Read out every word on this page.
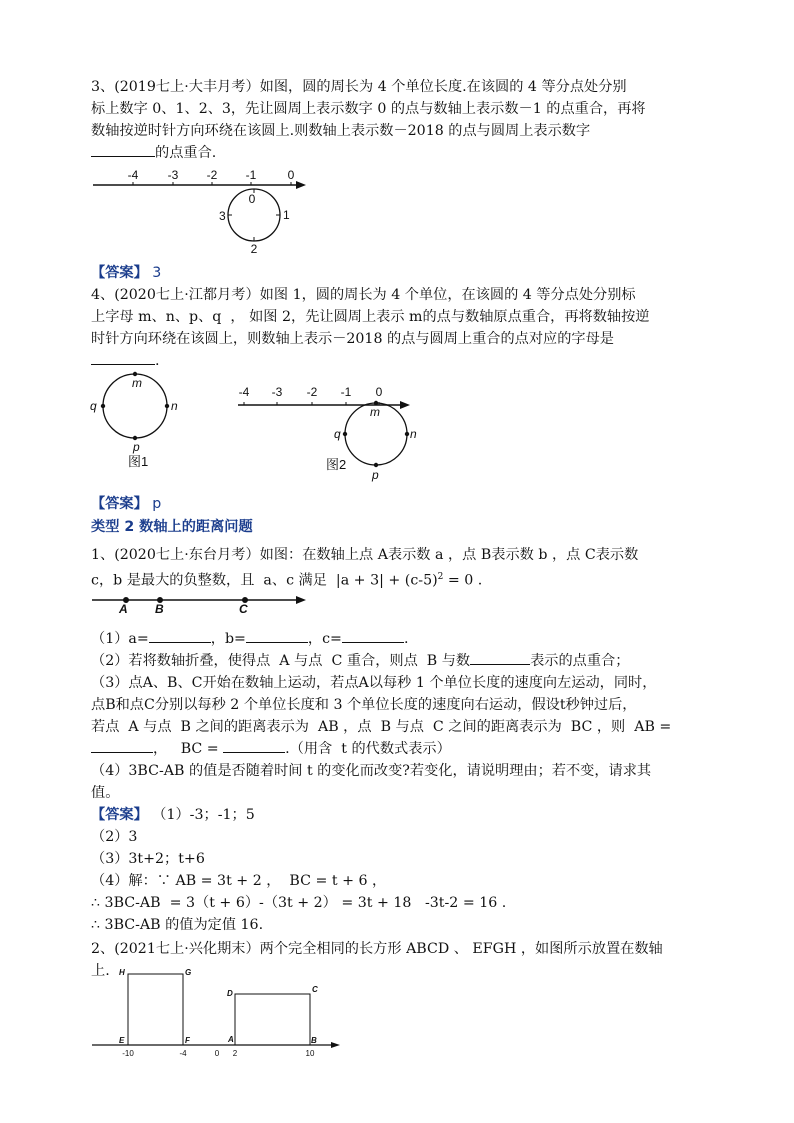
3、(2019七上·大丰月考）如图，圆的周长为 4 个单位长度.在该圆的 4 等分点处分别
标上数字 0、1、2、3，先让圆周上表示数字 0 的点与数轴上表示数－1 的点重合，再将
数轴按逆时针方向环绕在该圆上.则数轴上表示数－2018 的点与圆周上表示数字
的点重合.
-4 -3 -2 -1	0
0
1
2
3
【答案】 3
4、(2020七上·江都月考）如图 1，圆的周长为 4 个单位，在该圆的 4 等分点处分别标
上字母 m、n、p、q  ， 如图 2，先让圆周上表示 m的点与数轴原点重合，再将数轴按逆
时针方向环绕在该圆上，则数轴上表示－2018 的点与圆周上重合的点对应的字母是
.
m
n
p
q
图1
-4 -3 -2 -1 0
m
n
p
q
图2
【答案】 p
类型 2 数轴上的距离问题
1、(2020七上·东台月考）如图：在数轴上点 A表示数 a ，点 B表示数 b ，点 C表示数
c，b 是最大的负整数，且  a、c 满足  $|a + 3| + (c-5)^2 = 0$ .
A B	C
（1）a=	，b=	，c=	.
（2）若将数轴折叠，使得点  A 与点  C 重合，则点  B 与数	表示的点重合；
（3）点A、B、C开始在数轴上运动，若点A以每秒 1 个单位长度的速度向左运动，同时，
点B和点C分别以每秒 2 个单位长度和 3 个单位长度的速度向右运动，假设t秒钟过后，
若点  A 与点  B 之间的距离表示为  AB ，点  B 与点  C 之间的距离表示为  BC ，则  AB =
，   BC =	.（用含  t 的代数式表示）
（4）3BC-AB 的值是否随着时间 t 的变化而改变?若变化，请说明理由；若不变，请求其
值。
【答案】 （1）-3；-1；5
（2）3
（3）3t+2；t+6
（4）解：∵ AB = 3t + 2 ，  BC = t + 6 ，
∴ 3BC-AB  = 3（t + 6）-（3t + 2） = 3t + 18   -3t-2 = 16 .
∴ 3BC-AB 的值为定值 16.
2、(2021七上·兴化期末）两个完全相同的长方形 ABCD 、 EFGH ，如图所示放置在数轴
上. H	G
E	F
D	C
A	B
-10	-4	0 2	10
